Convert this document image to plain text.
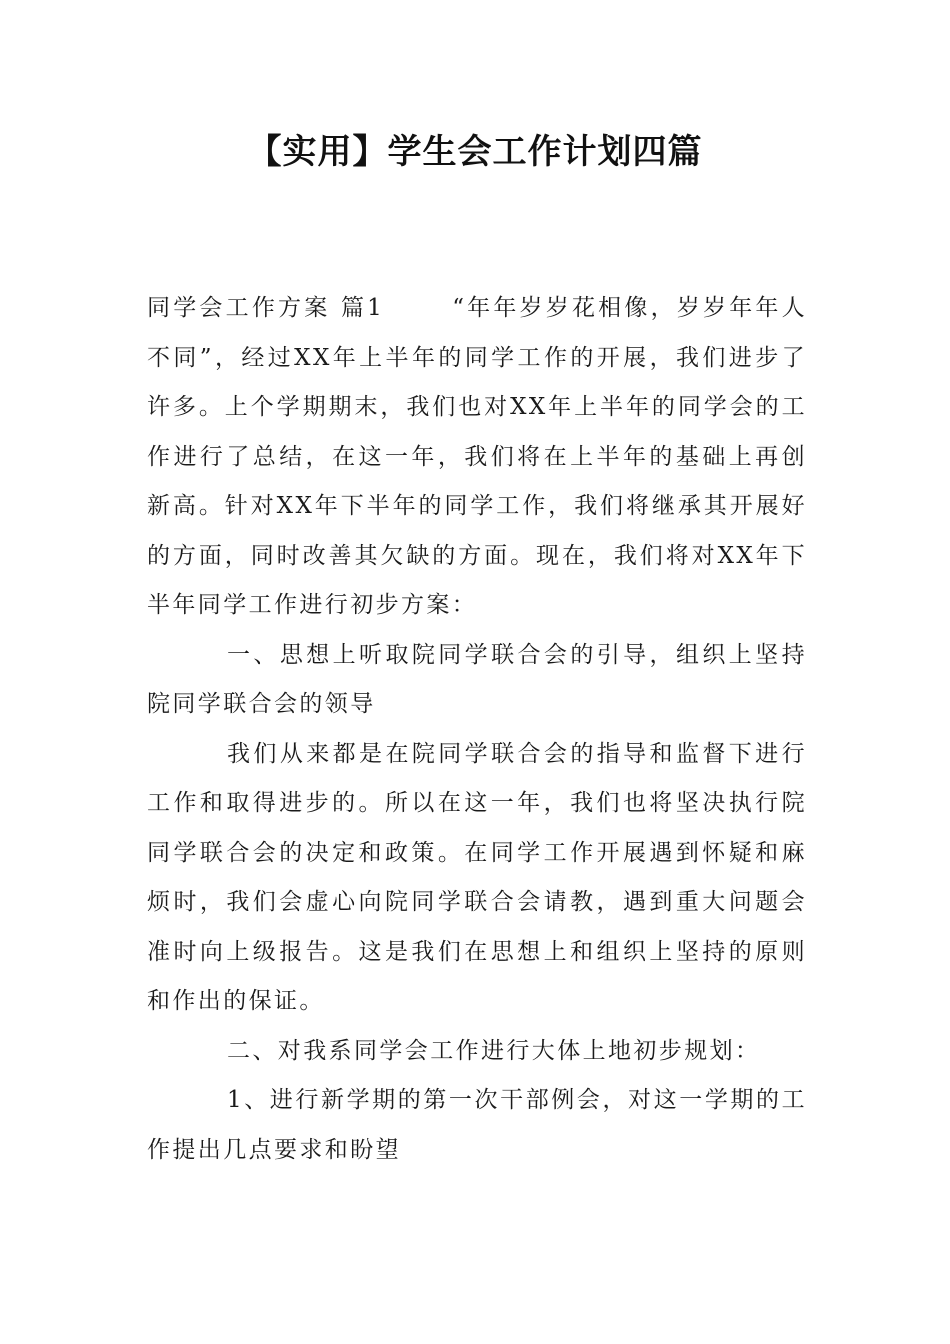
【实用】学生会工作计划四篇

同学会工作方案 篇1	“年年岁岁花相像，岁岁年年人不同”，经过XX年上半年的同学工作的开展，我们进步了许多。上个学期期末，我们也对XX年上半年的同学会的工作进行了总结，在这一年，我们将在上半年的基础上再创新高。针对XX年下半年的同学工作，我们将继承其开展好的方面，同时改善其欠缺的方面。现在，我们将对XX年下半年同学工作进行初步方案：

一、思想上听取院同学联合会的引导，组织上坚持院同学联合会的领导

我们从来都是在院同学联合会的指导和监督下进行工作和取得进步的。所以在这一年，我们也将坚决执行院同学联合会的决定和政策。在同学工作开展遇到怀疑和麻烦时，我们会虚心向院同学联合会请教，遇到重大问题会准时向上级报告。这是我们在思想上和组织上坚持的原则和作出的保证。

二、对我系同学会工作进行大体上地初步规划：

1、进行新学期的第一次干部例会，对这一学期的工作提出几点要求和盼望
